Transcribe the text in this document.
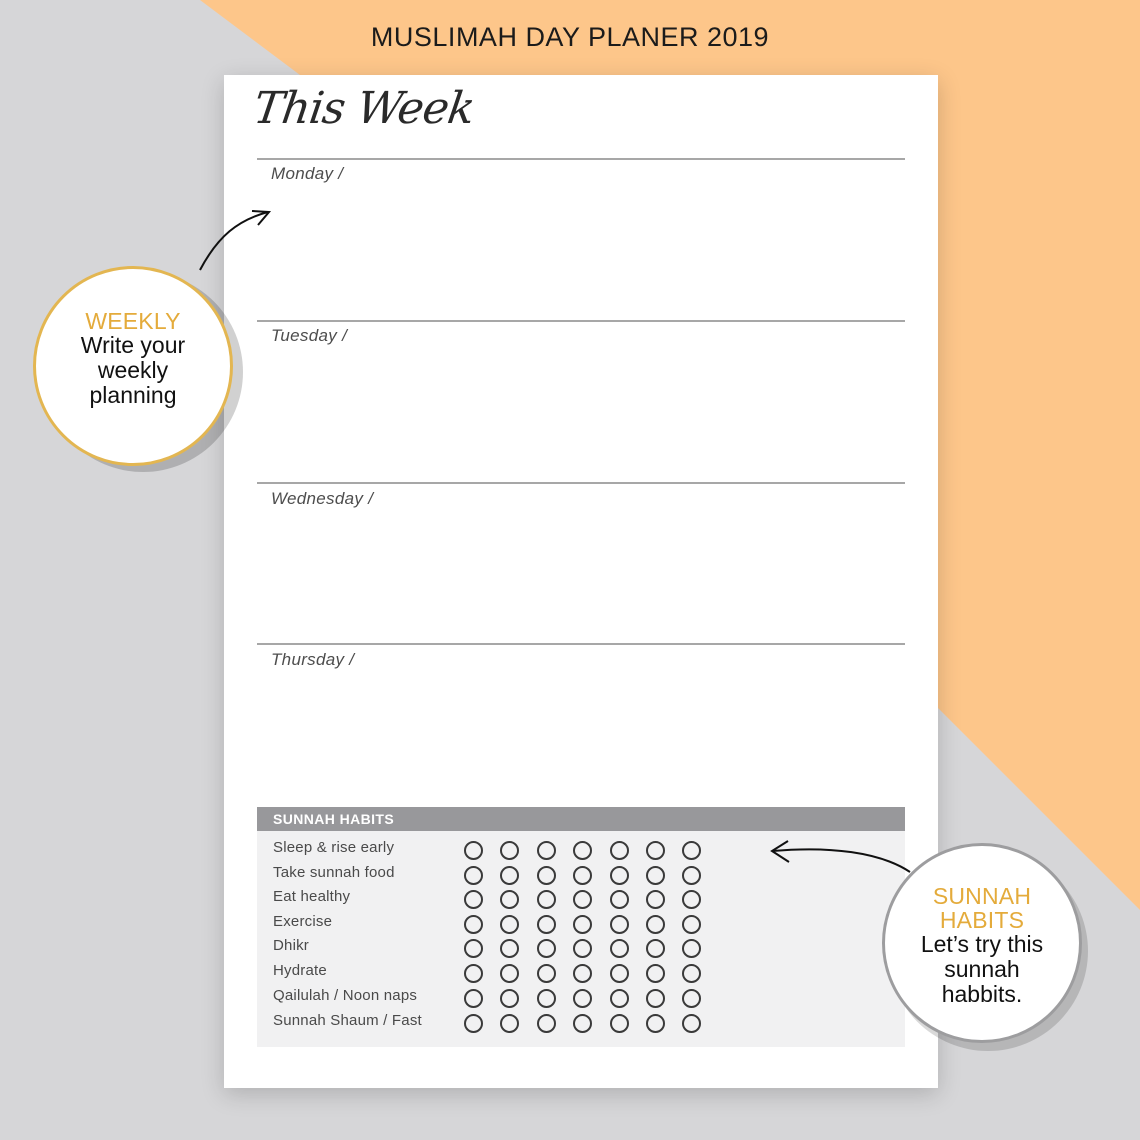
MUSLIMAH DAY PLANER 2019
This Week
Monday /
Tuesday /
Wednesday /
Thursday /
SUNNAH HABITS
Sleep & rise early
Take sunnah food
Eat healthy
Exercise
Dhikr
Hydrate
Qailulah / Noon naps
Sunnah Shaum / Fast
WEEKLY
Write your
weekly
planning
SUNNAH
HABITS
Let’s try this
sunnah
habbits.
